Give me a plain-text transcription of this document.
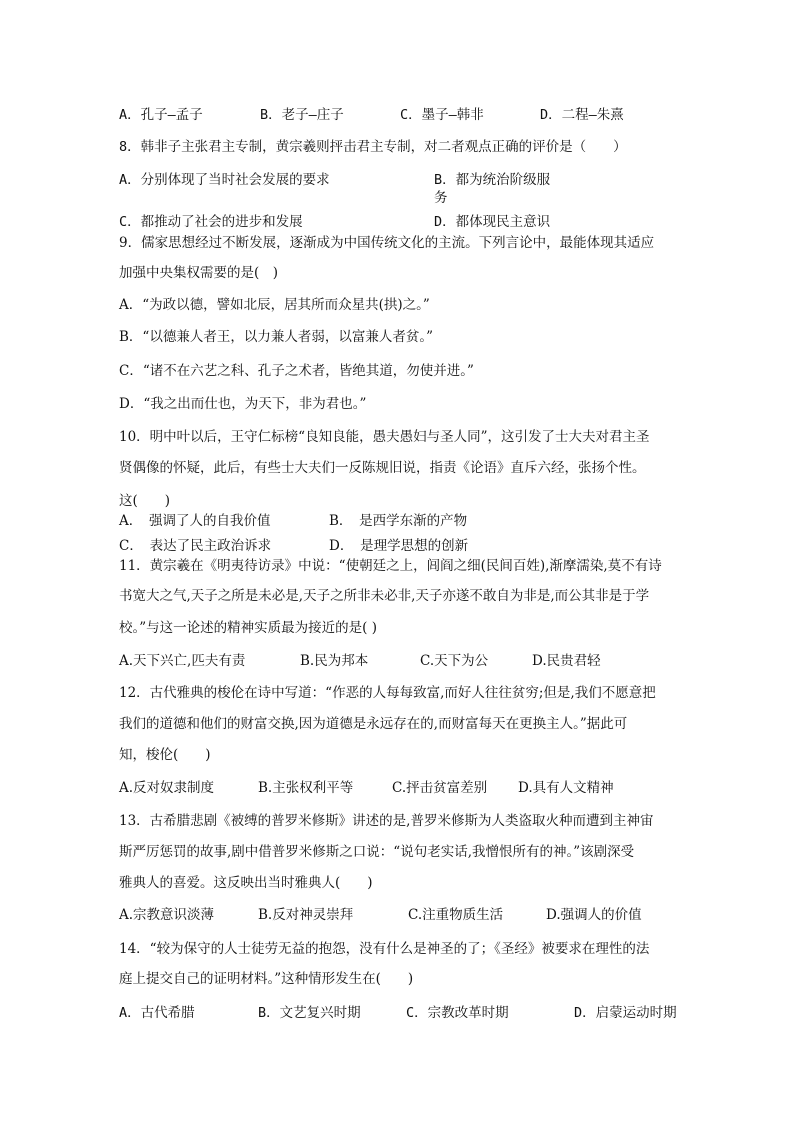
A．孔子—孟子	B．老子—庄子	C．墨子—韩非	D．二程—朱熹
8．韩非子主张君主专制，黄宗羲则抨击君主专制，对二者观点正确的评价是（　　）
A．分别体现了当时社会发展的要求	B．都为统治阶级服
务
C．都推动了社会的进步和发展	D．都体现民主意识
9．儒家思想经过不断发展，逐渐成为中国传统文化的主流。下列言论中，最能体现其适应
加强中央集权需要的是(　)
A．“为政以德，譬如北辰，居其所而众星共(拱)之。”
B．“以德兼人者王，以力兼人者弱，以富兼人者贫。”
C．“诸不在六艺之科、孔子之术者，皆绝其道，勿使并进。”
D．“我之出而仕也，为天下，非为君也。”
10．明中叶以后，王守仁标榜“良知良能，愚夫愚妇与圣人同”，这引发了士大夫对君主圣
贤偶像的怀疑，此后，有些士大夫们一反陈规旧说，指责《论语》直斥六经，张扬个性。
这(　　)
A．　强调了人的自我价值	B．　是西学东渐的产物
C．　表达了民主政治诉求	D．　是理学思想的创新
11．黄宗羲在《明夷待访录》中说：“使朝廷之上，闾阎之细(民间百姓),渐摩濡染,莫不有诗
书宽大之气,天子之所是未必是,天子之所非未必非,天子亦遂不敢自为非是,而公其非是于学
校。”与这一论述的精神实质最为接近的是( )
A.天下兴亡,匹夫有责	B.民为邦本	C.天下为公	D.民贵君轻
12．古代雅典的梭伦在诗中写道：“作恶的人每每致富,而好人往往贫穷;但是,我们不愿意把
我们的道德和他们的财富交换,因为道德是永远存在的,而财富每天在更换主人。”据此可
知，梭伦(　　)
A.反对奴隶制度	B.主张权利平等	C.抨击贫富差别 D.具有人文精神
13．古希腊悲剧《被缚的普罗米修斯》讲述的是,普罗米修斯为人类盗取火种而遭到主神宙
斯严厉惩罚的故事,剧中借普罗米修斯之口说：“说句老实话,我憎恨所有的神。”该剧深受
雅典人的喜爱。这反映出当时雅典人(　　)
A.宗教意识淡薄	B.反对神灵崇拜	C.注重物质生活	D.强调人的价值
14．“较为保守的人士徒劳无益的抱怨，没有什么是神圣的了；《圣经》被要求在理性的法
庭上提交自己的证明材料。”这种情形发生在(　　)
A．古代希腊	B．文艺复兴时期	C．宗教改革时期	D．启蒙运动时期
